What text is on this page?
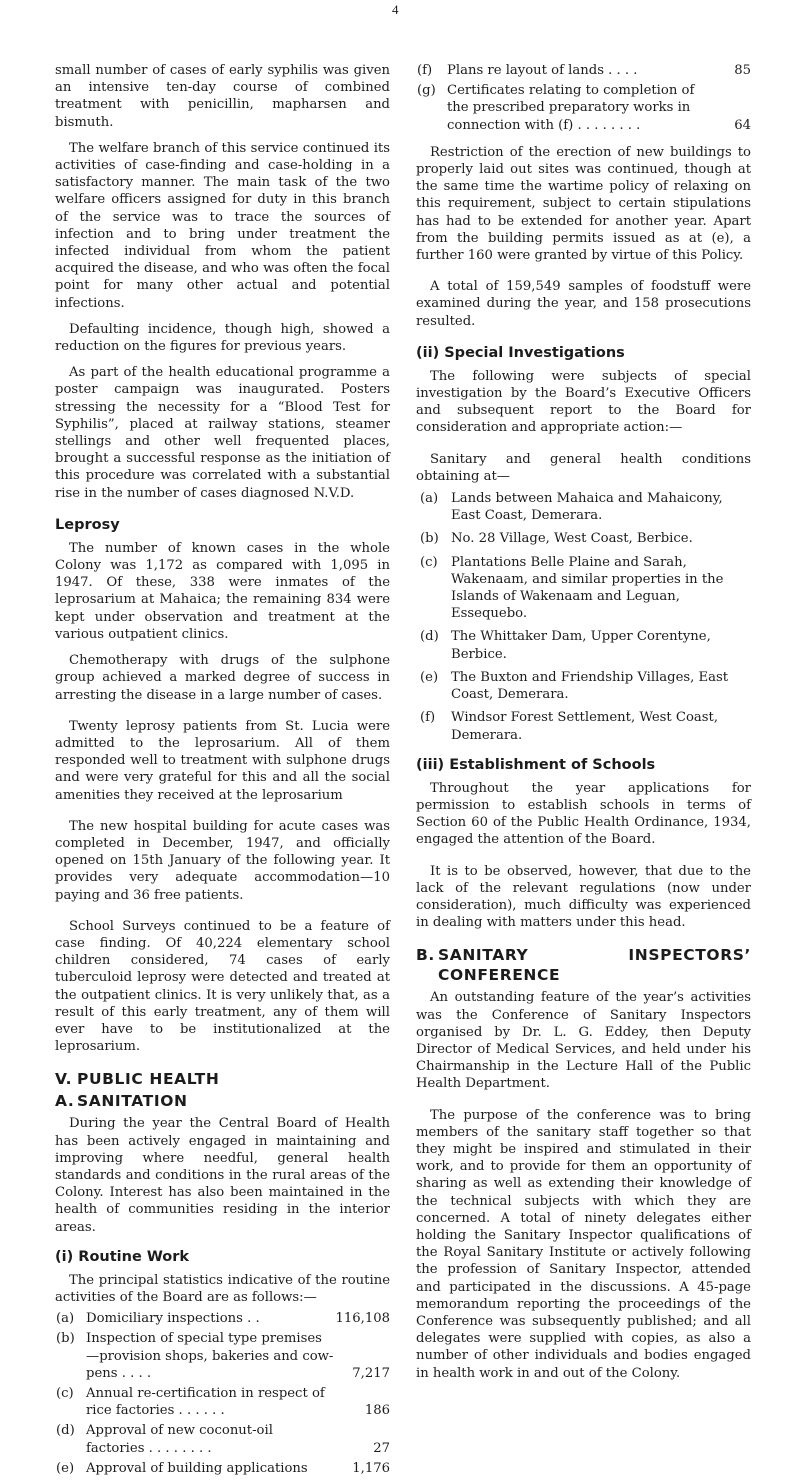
4

small number of cases of early syphilis was given an intensive ten-day course of combined treatment with penicillin, mapharsen and bismuth.

The welfare branch of this service continued its activities of case-finding and case-holding in a satisfactory manner. The main task of the two welfare officers assigned for duty in this branch of the service was to trace the sources of infection and to bring under treatment the infected individual from whom the patient acquired the disease, and who was often the focal point for many other actual and potential infections.

Defaulting incidence, though high, showed a reduction on the figures for previous years.

As part of the health educational programme a poster campaign was inaugurated. Posters stressing the necessity for a “Blood Test for Syphilis”, placed at railway stations, steamer stellings and other well frequented places, brought a successful response as the initiation of this procedure was correlated with a substantial rise in the number of cases diagnosed N.V.D.

Leprosy

The number of known cases in the whole Colony was 1,172 as compared with 1,095 in 1947. Of these, 338 were inmates of the leprosarium at Mahaica; the remaining 834 were kept under observation and treatment at the various outpatient clinics.

Chemotherapy with drugs of the sulphone group achieved a marked degree of success in arresting the disease in a large number of cases.

Twenty leprosy patients from St. Lucia were admitted to the leprosarium. All of them responded well to treatment with sulphone drugs and were very grateful for this and all the social amenities they received at the leprosarium

The new hospital building for acute cases was completed in December, 1947, and officially opened on 15th January of the following year. It provides very adequate accommodation—10 paying and 36 free patients.

School Surveys continued to be a feature of case finding. Of 40,224 elementary school children considered, 74 cases of early tuberculoid leprosy were detected and treated at the outpatient clinics. It is very unlikely that, as a result of this early treatment, any of them will ever have to be institutionalized at the leprosarium.

V. PUBLIC HEALTH
A. SANITATION

During the year the Central Board of Health has been actively engaged in maintaining and improving where needful, general health standards and conditions in the rural areas of the Colony. Interest has also been maintained in the health of communities residing in the interior areas.

(i) Routine Work

The principal statistics indicative of the routine activities of the Board are as follows:—

(a) Domiciliary inspections . .	116,108
(b) Inspection of special type premises—provision shops, bakeries and cow-pens . . . .	7,217
(c) Annual re-certification in respect of rice factories . . . . . .	186
(d) Approval of new coconut-oil factories . . . . . . . .	27
(e) Approval of building applications	1,176
(f)	Plans re layout of lands . . . .	85
(g) Certificates relating to completion of the prescribed preparatory works in connection with (f) . . . . . . . .	64

Restriction of the erection of new buildings to properly laid out sites was continued, though at the same time the wartime policy of relaxing on this requirement, subject to certain stipulations has had to be extended for another year. Apart from the building permits issued as at (e), a further 160 were granted by virtue of this Policy.

A total of 159,549 samples of foodstuff were examined during the year, and 158 prosecutions resulted.

(ii) Special Investigations

The following were subjects of special investigation by the Board’s Executive Officers and subsequent report to the Board for consideration and appropriate action:—

Sanitary and general health conditions obtaining at—

(a) Lands between Mahaica and Mahaicony, East Coast, Demerara.
(b) No. 28 Village, West Coast, Berbice.
(c)	Plantations Belle Plaine and Sarah, Wakenaam, and similar properties in the Islands of Wakenaam and Leguan, Essequebo.
(d) The Whittaker Dam, Upper Corentyne, Berbice.
(e) The Buxton and Friendship Villages, East Coast, Demerara.
(f)	Windsor Forest Settlement, West Coast, Demerara.
(iii) Establishment of Schools

Throughout the year applications for permission to establish schools in terms of Section 60 of the Public Health Ordinance, 1934, engaged the attention of the Board.

It is to be observed, however, that due to the lack of the relevant regulations (now under consideration), much difficulty was experienced in dealing with matters under this head.

B. SANITARY INSPECTORS’ CONFERENCE

An outstanding feature of the year’s activities was the Conference of Sanitary Inspectors organised by Dr. L. G. Eddey, then Deputy Director of Medical Services, and held under his Chairmanship in the Lecture Hall of the Public Health Department.

The purpose of the conference was to bring members of the sanitary staff together so that they might be inspired and stimulated in their work, and to provide for them an opportunity of sharing as well as extending their knowledge of the technical subjects with which they are concerned. A total of ninety delegates either holding the Sanitary Inspector qualifications of the Royal Sanitary Institute or actively following the profession of Sanitary Inspector, attended and participated in the discussions. A 45-page memorandum reporting the proceedings of the Conference was subsequently published; and all delegates were supplied with copies, as also a number of other individuals and bodies engaged in health work in and out of the Colony.
